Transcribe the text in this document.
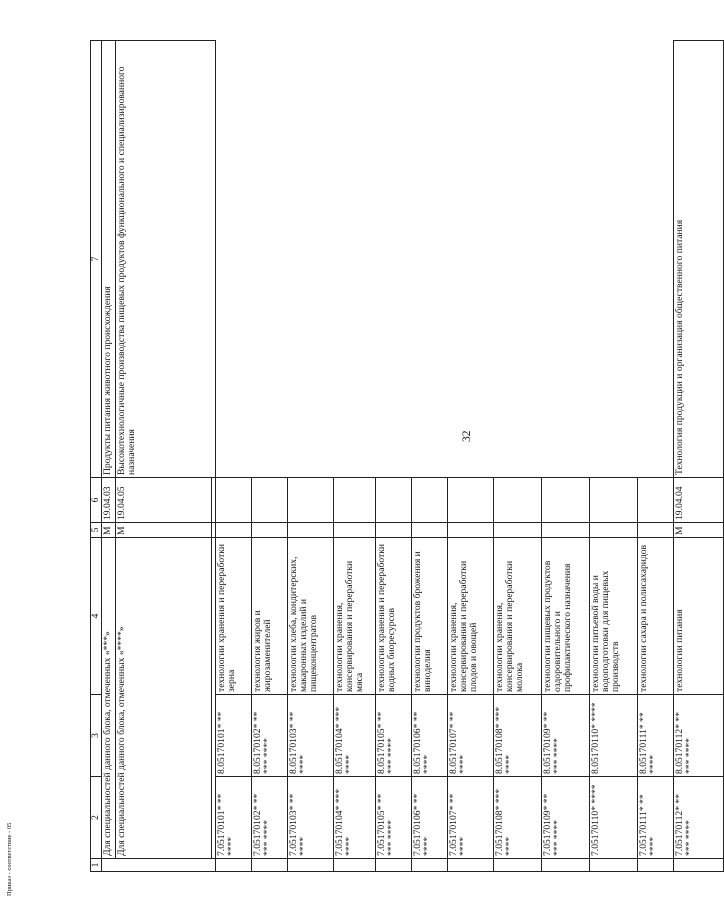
32
Приказ - соответствие - 05	1	2	3	4	5	6	7
	Для специальностей данного блока, отмеченных «***»			М	19.04.03	Продукты питания животного происхождения
	Для специальностей данного блока, отмеченных «****»			М	19.04.05	Высокотехнологичные производства пищевых продуктов функционального и специализированного назначения

	7.05170101* ** ****	8.05170101* **	технологии хранения и переработки зерна			
	7.05170102* ** *** ****	8.05170102* ** *** ****	технология жиров и жирозаменителей			
	7.05170103* ** ****	8.05170103* ** ****	технологии хлеба, кондитерских, макаронных изделий и пищеконцентратов			
	7.05170104* *** ****	8.05170104* *** ****	технологии хранения, консервирования и переработки мяса			
	7.05170105* ** *** ****	8.05170105* ** *** ****	технологии хранения и переработки водных биоресурсов			
	7.05170106* ** ****	8.05170106* ** ****	технологии продуктов брожения и виноделия			
	7.05170107* ** ****	8.05170107* ** ****	технологии хранения, консервирования и переработки плодов и овощей			
	7.05170108* *** ****	8.05170108* *** ****	технологии хранения, консервирования и переработки молока			
	7.05170109* ** *** ****	8.05170109* ** *** ****	технологии пищевых продуктов оздоровительного и профилактического назначения			
	7.05170110* ****	8.05170110* ****	технологии питьевой воды и водоподготовки для пищевых производств			
	7.05170111* ** ****	8.05170111* ** ****	технологии сахара и полисахаридов			
	7.05170112* ** *** ****	8.05170112* ** *** ****	технологии питания	М	19.04.04	Технология продукции и организация общественного питания
